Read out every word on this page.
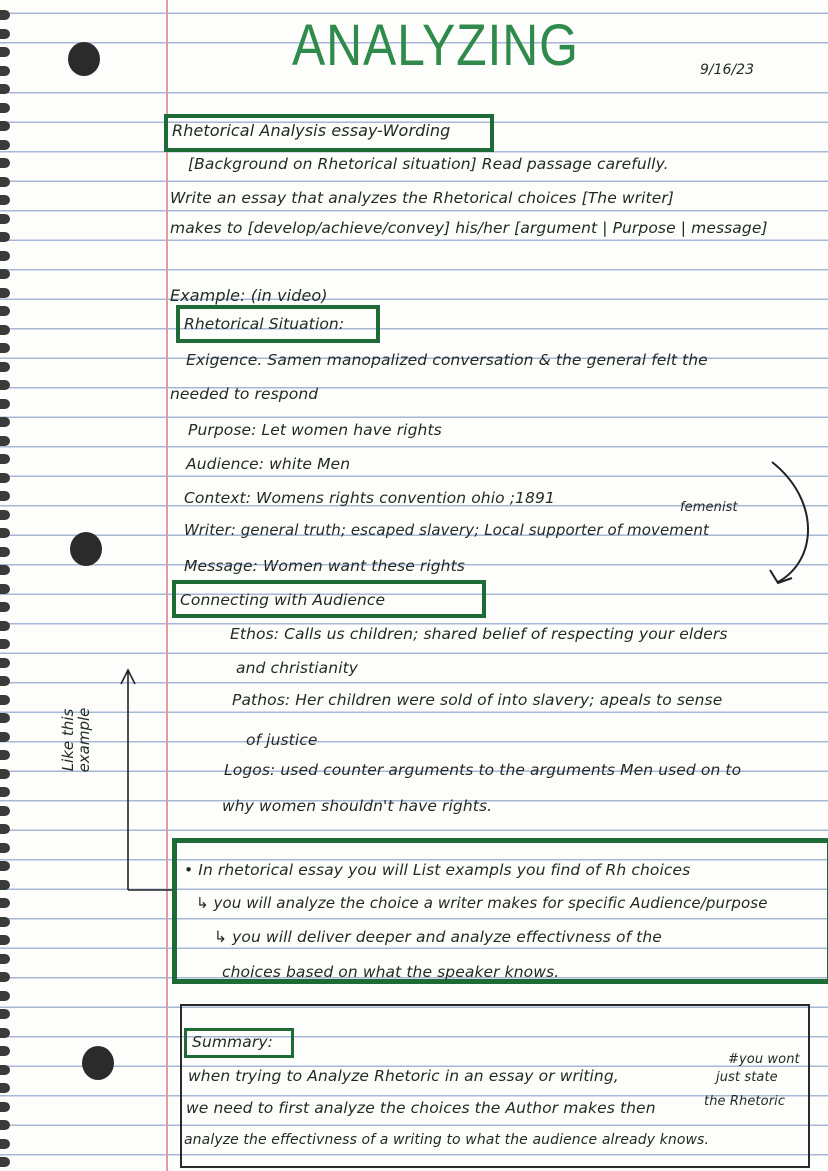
ANALYZING	9/16/23
Rhetorical Analysis essay-Wording
[Background on Rhetorical situation] Read passage carefully.
Write an essay that analyzes the Rhetorical choices [The writer]
makes to [develop/achieve/convey] his/her [argument | Purpose | message]
Example: (in video)
Rhetorical Situation:
Exigence. Samen manopalized conversation & the general felt the
needed to respond
Purpose: Let women have rights
Audience: white Men
Context: Womens rights convention ohio ;1891
femenist
Writer: general truth; escaped slavery; Local supporter of movement
Message: Women want these rights
Connecting with Audience
Ethos: Calls us children; shared belief of respecting your elders
and christianity
Pathos: Her children were sold of into slavery; apeals to sense
of justice
Logos: used counter arguments to the arguments Men used on to
why women shouldn't have rights.
Like this example
• In rhetorical essay you will List exampls you find of Rh choices
↳ you will analyze the choice a writer makes for specific Audience/purpose
↳ you will deliver deeper and analyze effectivness of the
choices based on what the speaker knows.
Summary:
when trying to Analyze Rhetoric in an essay or writing,
we need to first analyze the choices the Author makes then
analyze the effectivness of a writing to what the audience already knows.
#you wont
just state
the Rhetoric
